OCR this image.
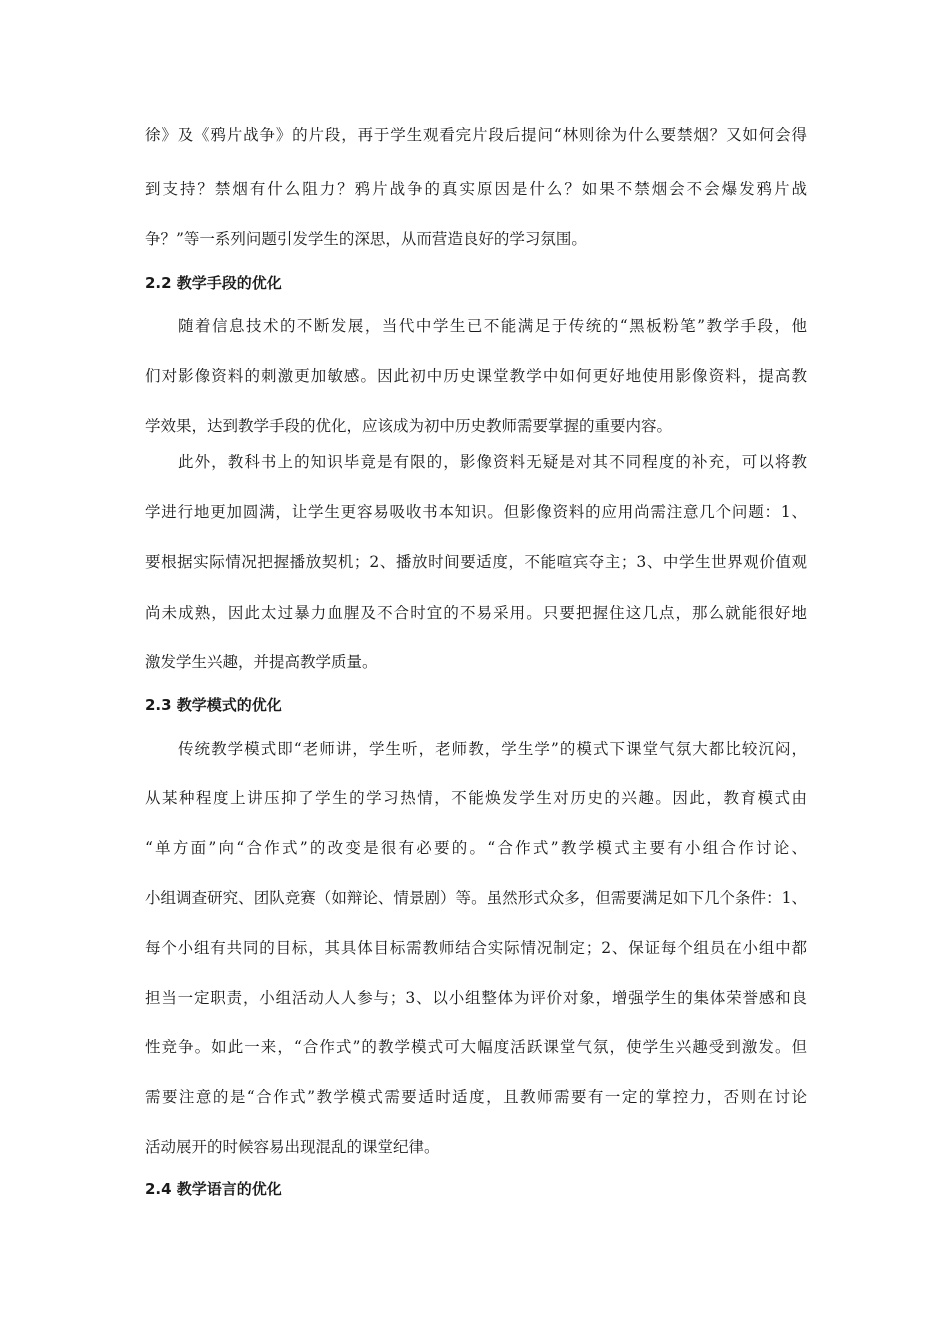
徐》及《鸦片战争》的片段，再于学生观看完片段后提问“林则徐为什么要禁烟？又如何会得
到支持？禁烟有什么阻力？鸦片战争的真实原因是什么？如果不禁烟会不会爆发鸦片战
争？”等一系列问题引发学生的深思，从而营造良好的学习氛围。
2.2 教学手段的优化
随着信息技术的不断发展，当代中学生已不能满足于传统的“黑板粉笔”教学手段，他
们对影像资料的刺激更加敏感。因此初中历史课堂教学中如何更好地使用影像资料，提高教
学效果，达到教学手段的优化，应该成为初中历史教师需要掌握的重要内容。
此外，教科书上的知识毕竟是有限的，影像资料无疑是对其不同程度的补充，可以将教
学进行地更加圆满，让学生更容易吸收书本知识。但影像资料的应用尚需注意几个问题：1、
要根据实际情况把握播放契机；2、播放时间要适度，不能喧宾夺主；3、中学生世界观价值观
尚未成熟，因此太过暴力血腥及不合时宜的不易采用。只要把握住这几点，那么就能很好地
激发学生兴趣，并提高教学质量。
2.3 教学模式的优化
传统教学模式即“老师讲，学生听，老师教，学生学”的模式下课堂气氛大都比较沉闷，
从某种程度上讲压抑了学生的学习热情，不能焕发学生对历史的兴趣。因此，教育模式由
“单方面”向“合作式”的改变是很有必要的。“合作式”教学模式主要有小组合作讨论、
小组调查研究、团队竞赛（如辩论、情景剧）等。虽然形式众多，但需要满足如下几个条件：1、
每个小组有共同的目标，其具体目标需教师结合实际情况制定；2、保证每个组员在小组中都
担当一定职责，小组活动人人参与；3、以小组整体为评价对象，增强学生的集体荣誉感和良
性竞争。如此一来，“合作式”的教学模式可大幅度活跃课堂气氛，使学生兴趣受到激发。但
需要注意的是“合作式”教学模式需要适时适度，且教师需要有一定的掌控力，否则在讨论
活动展开的时候容易出现混乱的课堂纪律。
2.4 教学语言的优化
